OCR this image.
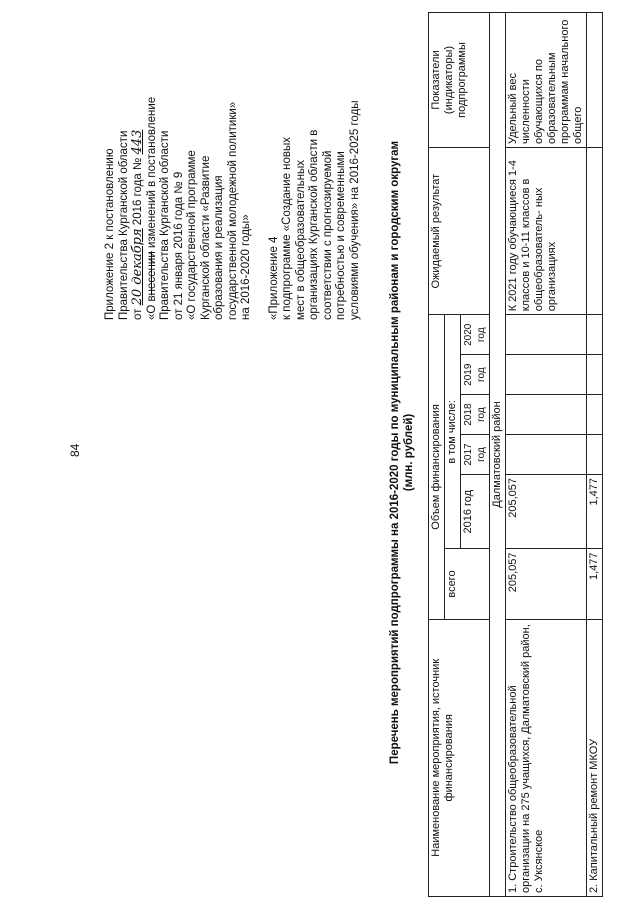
84
Приложение 2 к постановлению Правительства Курганской области от 20 декабря 2016 года № 443
«О внесении изменений в постановление Правительства Курганской области от 21 января 2016 года № 9 «О государственной программе Курганской области «Развитие образования и реализация государственной молодежной политики» на 2016-2020 годы» «Приложение 4 к подпрограмме «Создание новых мест в общеобразовательных организациях Курганской области в соответствии с прогнозируемой потребностью и современными условиями обучения» на 2016-2025 годы Перечень мероприятий подпрограммы на 2016-2020 годы по муниципальным районам и городским округам (млн. рублей)
Наименование мероприятия, источник финансирования	Объем финансирования						Ожидаемый результат	Показатели (индикаторы) подпрограммы
	всего	в том числе:						
		2016 год	2017 год	2018 год	2019 год	2020 год		
Далматовский район								
1. Строительство общеобразовательной организации на 275 учащихся, Далматовский район, с. Уксянское	205,057	205,057					К 2021 году обучающиеся 1-4 классов и 10-11 классов в общеобразователь- ных организациях	Удельный вес численности обучающихся по образовательным программам начального общего
2. Капитальный ремонт МКОУ	1,477	1,477						
